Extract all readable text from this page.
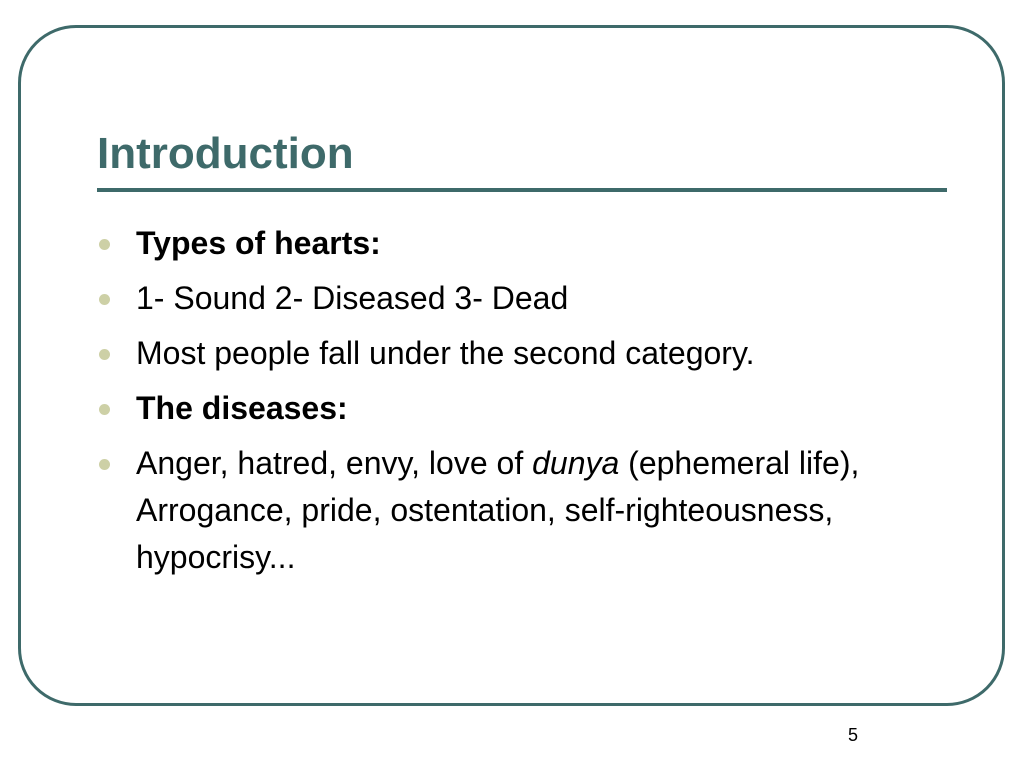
Introduction
Types of hearts:
1- Sound 2- Diseased 3- Dead
Most people fall under the second category.
The diseases:
Anger, hatred, envy, love of dunya (ephemeral life), Arrogance, pride, ostentation, self-righteousness, hypocrisy...
5
